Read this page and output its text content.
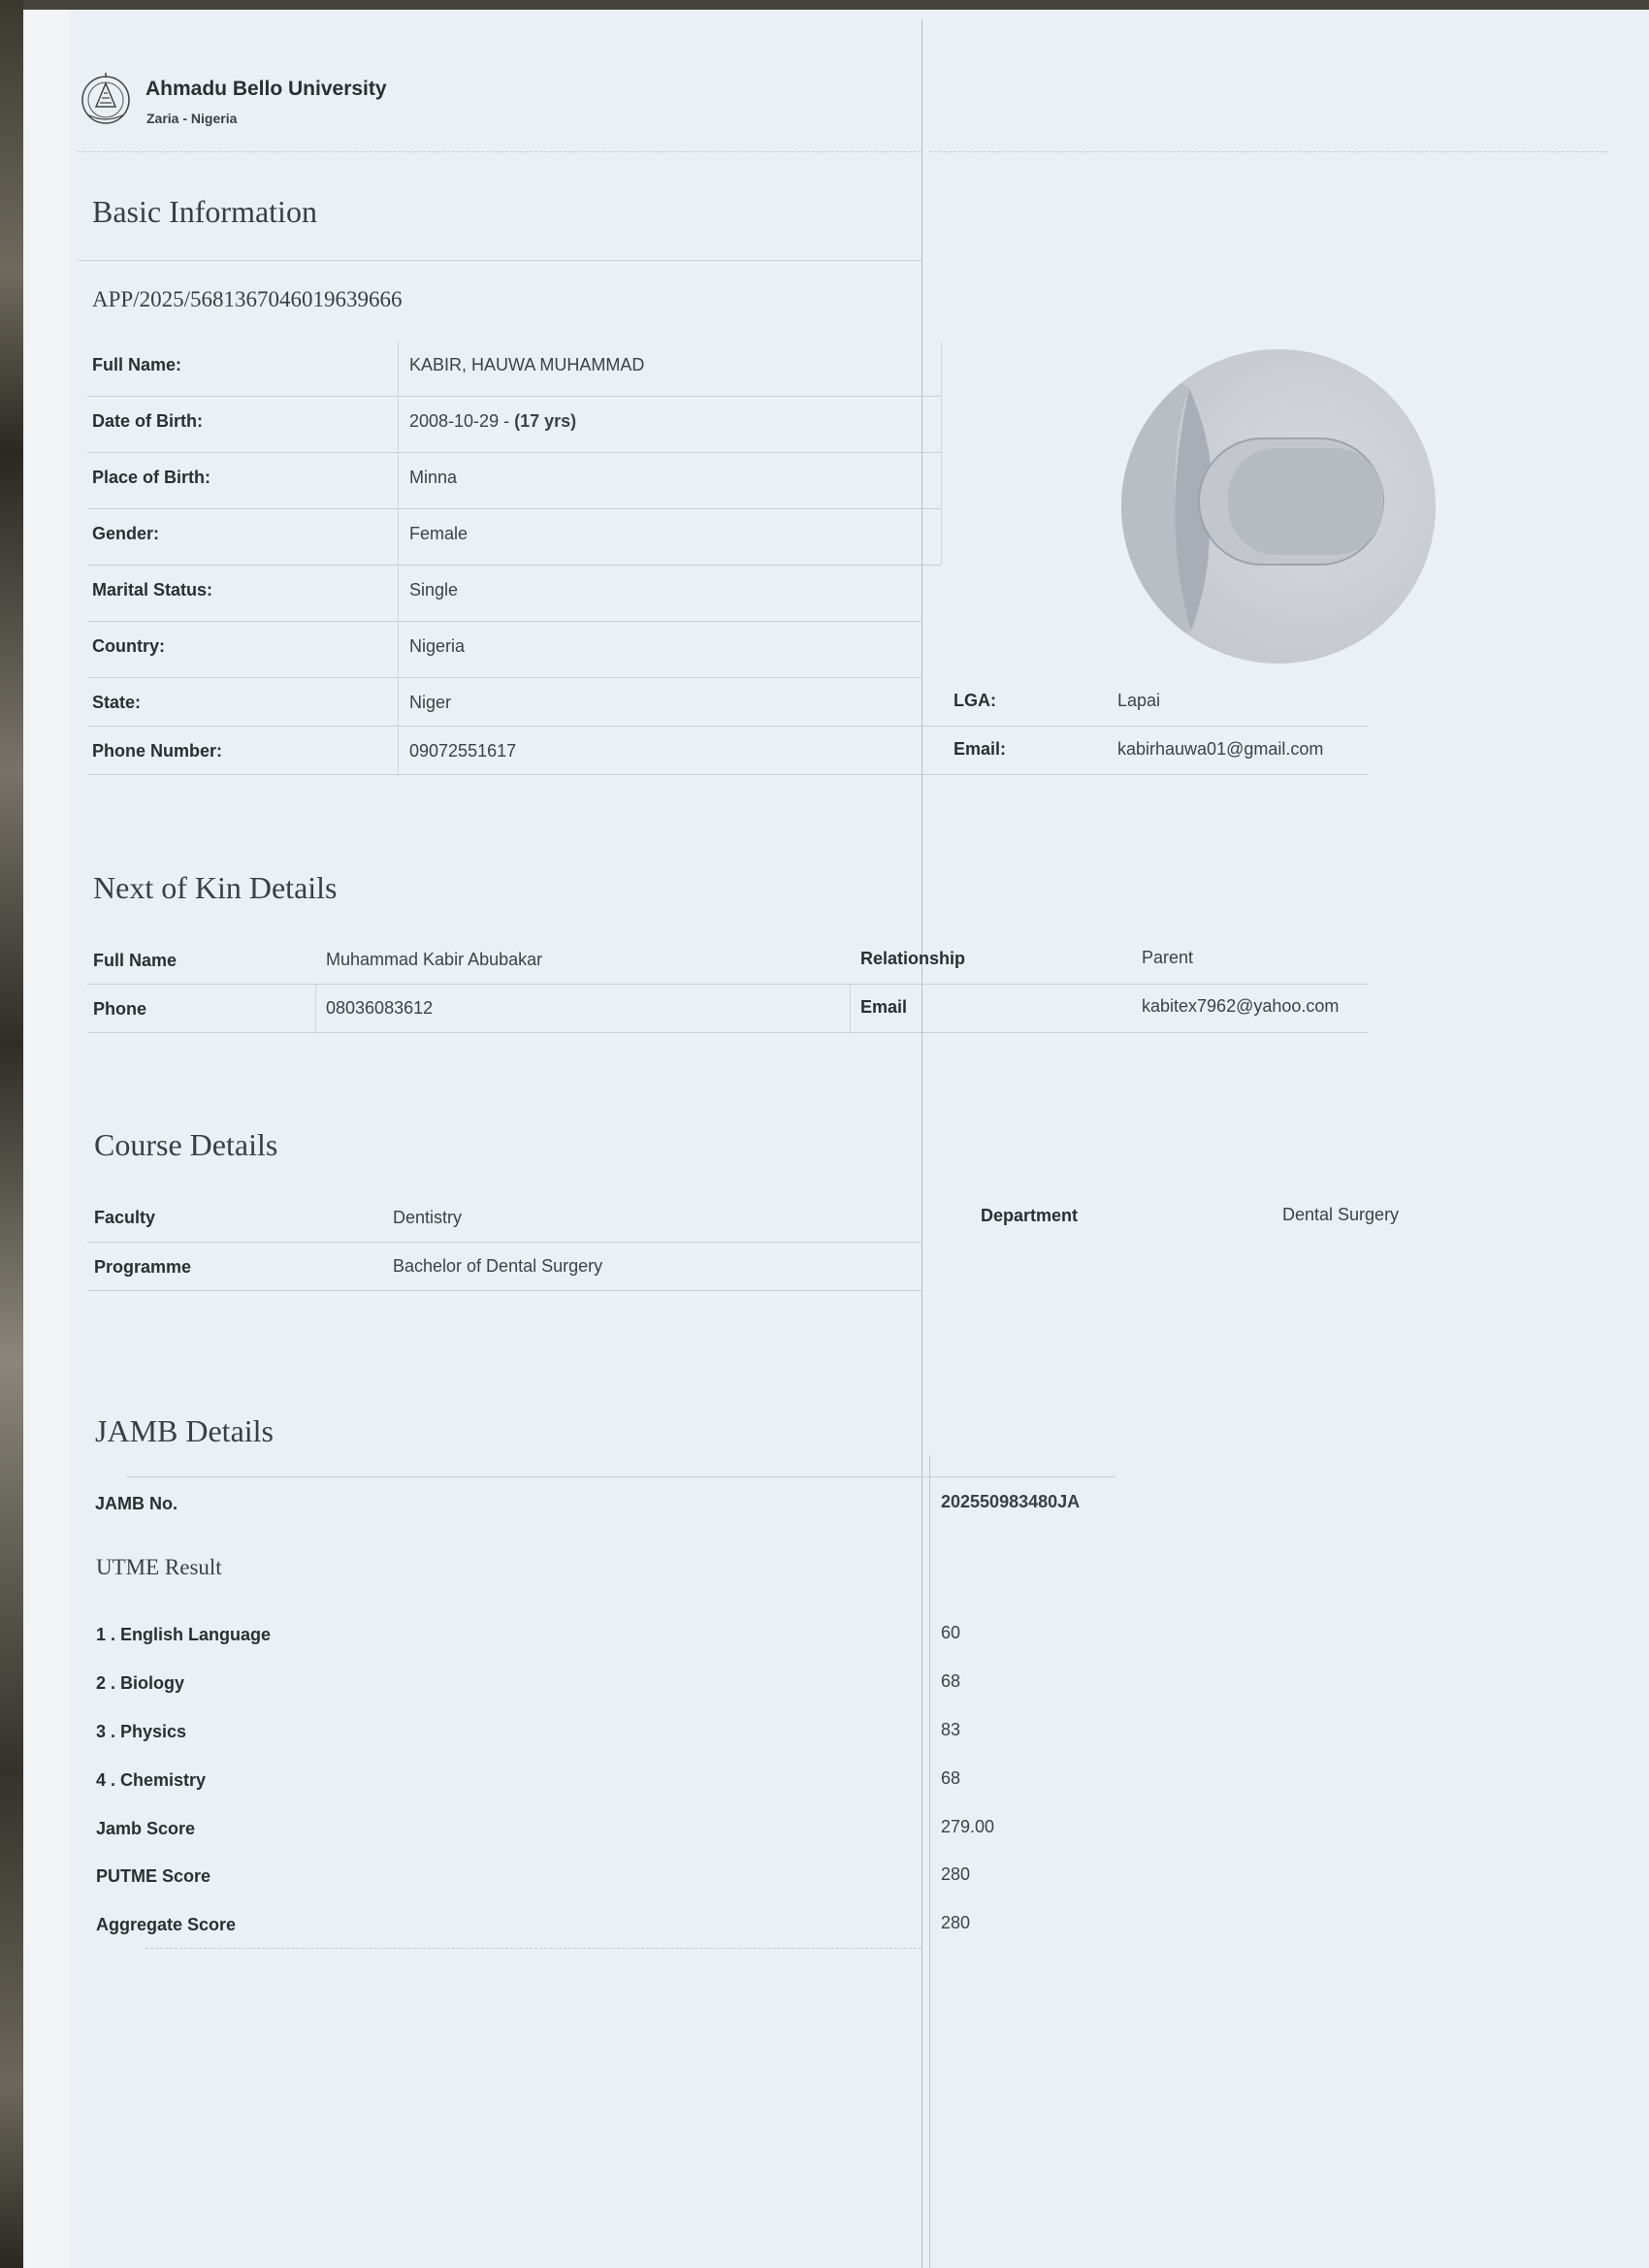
Ahmadu Bello University
Zaria - Nigeria
Basic Information
APP/2025/5681367046019639666
Full Name:	KABIR, HAUWA MUHAMMAD
Date of Birth:	2008-10-29 - (17 yrs)
Place of Birth:	Minna
Gender:	Female
Marital Status:	Single
Country:	Nigeria
State:	Niger	LGA:	Lapai
Phone Number:	09072551617	Email:	kabirhauwa01@gmail.com
Next of Kin Details
Full Name	Muhammad Kabir Abubakar	Relationship	Parent
Phone	08036083612	Email	kabitex7962@yahoo.com
Course Details
Faculty	Dentistry	Department	Dental Surgery
Programme	Bachelor of Dental Surgery
JAMB Details
JAMB No.	202550983480JA
UTME Result
1 . English Language	60
2 . Biology	68
3 . Physics	83
4 . Chemistry	68
Jamb Score	279.00
PUTME Score	280
Aggregate Score	280
